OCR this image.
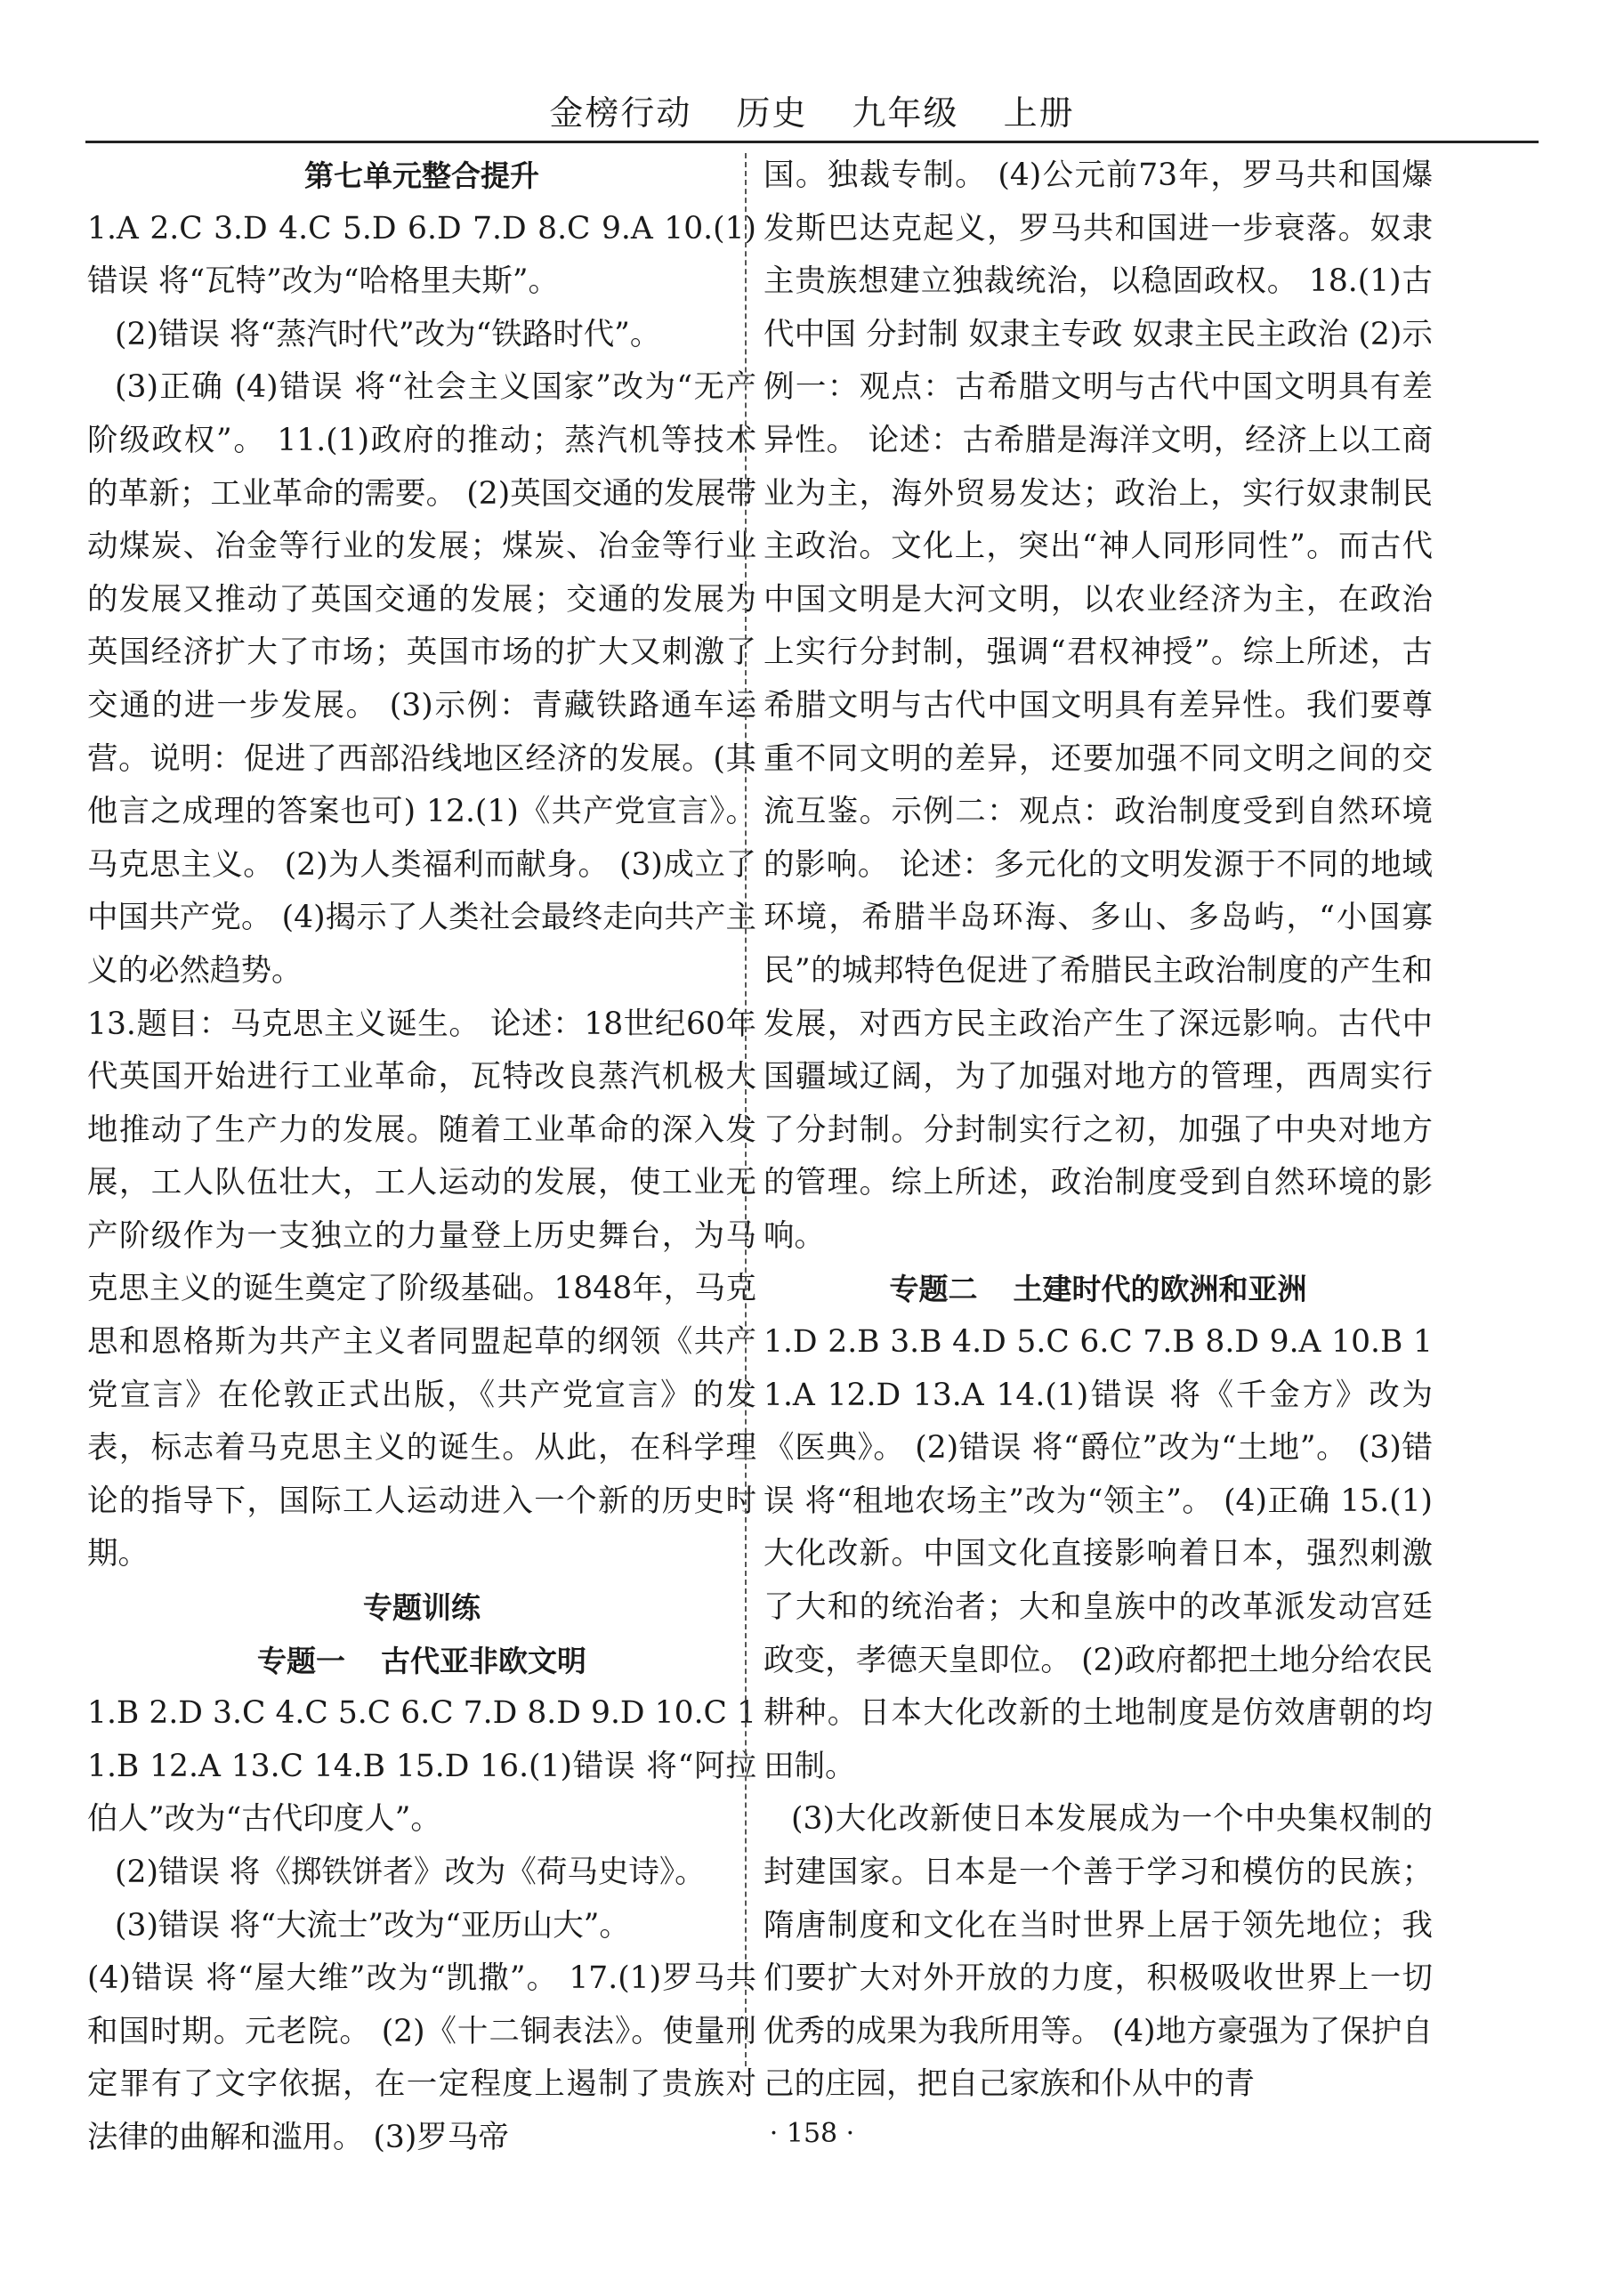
金榜行动 历史 九年级 上册
第七单元整合提升

1.A 2.C 3.D 4.C 5.D 6.D 7.D 8.C 9.A 10.(1)错误 将“瓦特”改为“哈格里夫斯”。

(2)错误 将“蒸汽时代”改为“铁路时代”。

(3)正确 (4)错误 将“社会主义国家”改为“无产阶级政权”。 11.(1)政府的推动；蒸汽机等技术的革新；工业革命的需要。 (2)英国交通的发展带动煤炭、冶金等行业的发展；煤炭、冶金等行业的发展又推动了英国交通的发展；交通的发展为英国经济扩大了市场；英国市场的扩大又刺激了交通的进一步发展。 (3)示例：青藏铁路通车运营。说明：促进了西部沿线地区经济的发展。(其他言之成理的答案也可) 12.(1)《共产党宣言》。马克思主义。 (2)为人类福利而献身。 (3)成立了中国共产党。 (4)揭示了人类社会最终走向共产主义的必然趋势。

13.题目：马克思主义诞生。 论述：18世纪60年代英国开始进行工业革命，瓦特改良蒸汽机极大地推动了生产力的发展。随着工业革命的深入发展，工人队伍壮大，工人运动的发展，使工业无产阶级作为一支独立的力量登上历史舞台，为马克思主义的诞生奠定了阶级基础。1848年，马克思和恩格斯为共产主义者同盟起草的纲领《共产党宣言》在伦敦正式出版，《共产党宣言》的发表，标志着马克思主义的诞生。从此，在科学理论的指导下，国际工人运动进入一个新的历史时期。

专题训练
专题一 古代亚非欧文明

1.B 2.D 3.C 4.C 5.C 6.C 7.D 8.D 9.D 10.C 11.B 12.A 13.C 14.B 15.D 16.(1)错误 将“阿拉伯人”改为“古代印度人”。

(2)错误 将《掷铁饼者》改为《荷马史诗》。

(3)错误 将“大流士”改为“亚历山大”。

(4)错误 将“屋大维”改为“凯撒”。 17.(1)罗马共和国时期。元老院。 (2)《十二铜表法》。使量刑定罪有了文字依据，在一定程度上遏制了贵族对法律的曲解和滥用。 (3)罗马帝

国。独裁专制。 (4)公元前73年，罗马共和国爆发斯巴达克起义，罗马共和国进一步衰落。奴隶主贵族想建立独裁统治，以稳固政权。 18.(1)古代中国 分封制 奴隶主专政 奴隶主民主政治 (2)示例一：观点：古希腊文明与古代中国文明具有差异性。 论述：古希腊是海洋文明，经济上以工商业为主，海外贸易发达；政治上，实行奴隶制民主政治。文化上，突出“神人同形同性”。而古代中国文明是大河文明，以农业经济为主，在政治上实行分封制，强调“君权神授”。综上所述，古希腊文明与古代中国文明具有差异性。我们要尊重不同文明的差异，还要加强不同文明之间的交流互鉴。示例二：观点：政治制度受到自然环境的影响。 论述：多元化的文明发源于不同的地域环境，希腊半岛环海、多山、多岛屿，“小国寡民”的城邦特色促进了希腊民主政治制度的产生和发展，对西方民主政治产生了深远影响。古代中国疆域辽阔，为了加强对地方的管理，西周实行了分封制。分封制实行之初，加强了中央对地方的管理。综上所述，政治制度受到自然环境的影响。

专题二 土建时代的欧洲和亚洲

1.D 2.B 3.B 4.D 5.C 6.C 7.B 8.D 9.A 10.B 11.A 12.D 13.A 14.(1)错误 将《千金方》改为《医典》。 (2)错误 将“爵位”改为“土地”。 (3)错误 将“租地农场主”改为“领主”。 (4)正确 15.(1)大化改新。中国文化直接影响着日本，强烈刺激了大和的统治者；大和皇族中的改革派发动宫廷政变，孝德天皇即位。 (2)政府都把土地分给农民耕种。日本大化改新的土地制度是仿效唐朝的均田制。

(3)大化改新使日本发展成为一个中央集权制的封建国家。日本是一个善于学习和模仿的民族；隋唐制度和文化在当时世界上居于领先地位；我们要扩大对外开放的力度，积极吸收世界上一切优秀的成果为我所用等。 (4)地方豪强为了保护自己的庄园，把自己家族和仆从中的青

· 158 ·
